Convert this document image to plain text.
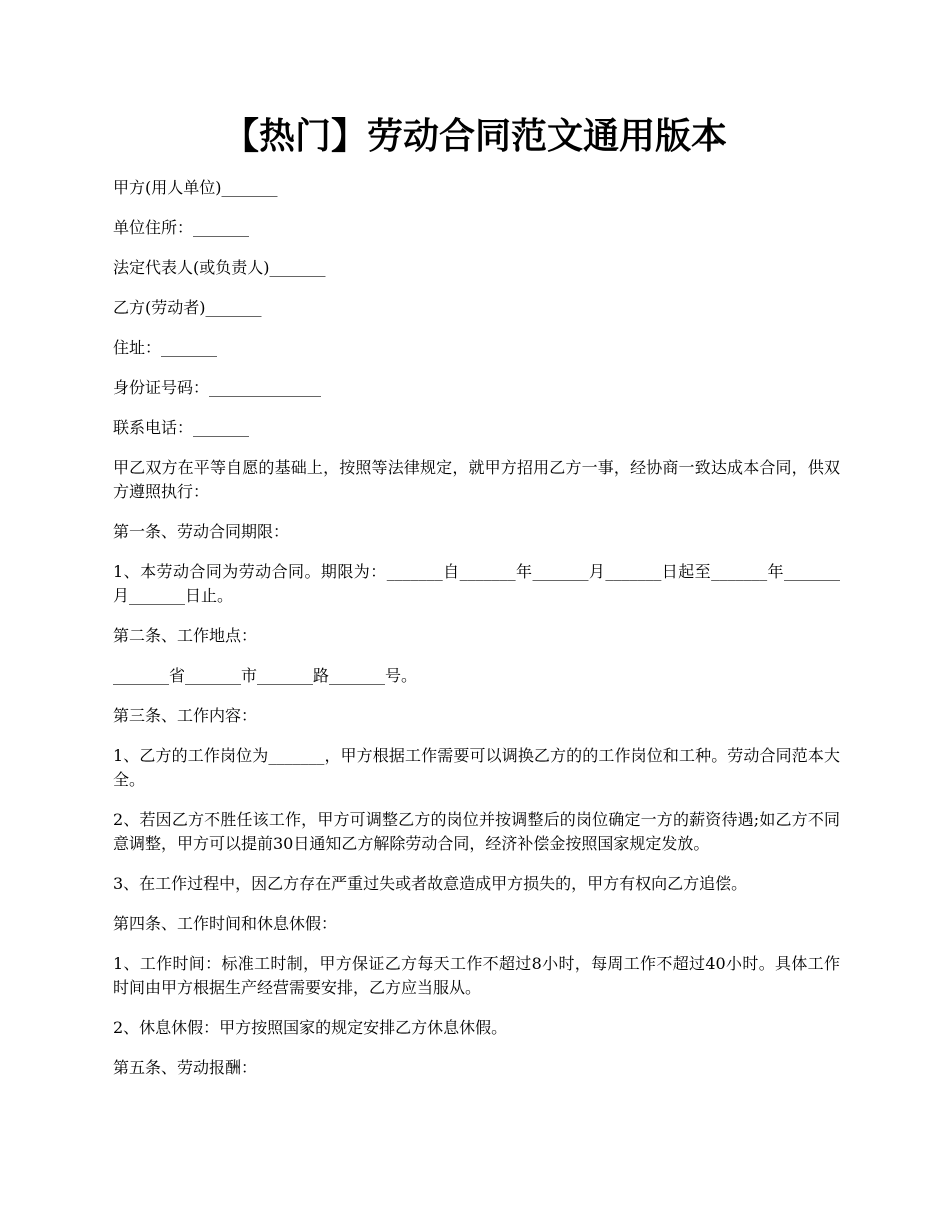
【热门】劳动合同范文通用版本

甲方(用人单位)_______

单位住所：_______

法定代表人(或负责人)_______

乙方(劳动者)_______

住址：_______

身份证号码：______________

联系电话：_______

甲乙双方在平等自愿的基础上，按照等法律规定，就甲方招用乙方一事，经协商一致达成本合同，供双方遵照执行：

第一条、劳动合同期限：

1、本劳动合同为劳动合同。期限为：_______自_______年_______月_______日起至_______年_______月_______日止。

第二条、工作地点：

_______省_______市_______路_______号。

第三条、工作内容：

1、乙方的工作岗位为_______，甲方根据工作需要可以调换乙方的的工作岗位和工种。劳动合同范本大全。

2、若因乙方不胜任该工作，甲方可调整乙方的岗位并按调整后的岗位确定一方的薪资待遇;如乙方不同意调整，甲方可以提前30日通知乙方解除劳动合同，经济补偿金按照国家规定发放。

3、在工作过程中，因乙方存在严重过失或者故意造成甲方损失的，甲方有权向乙方追偿。

第四条、工作时间和休息休假：

1、工作时间：标准工时制，甲方保证乙方每天工作不超过8小时，每周工作不超过40小时。具体工作时间由甲方根据生产经营需要安排，乙方应当服从。

2、休息休假：甲方按照国家的规定安排乙方休息休假。

第五条、劳动报酬：
